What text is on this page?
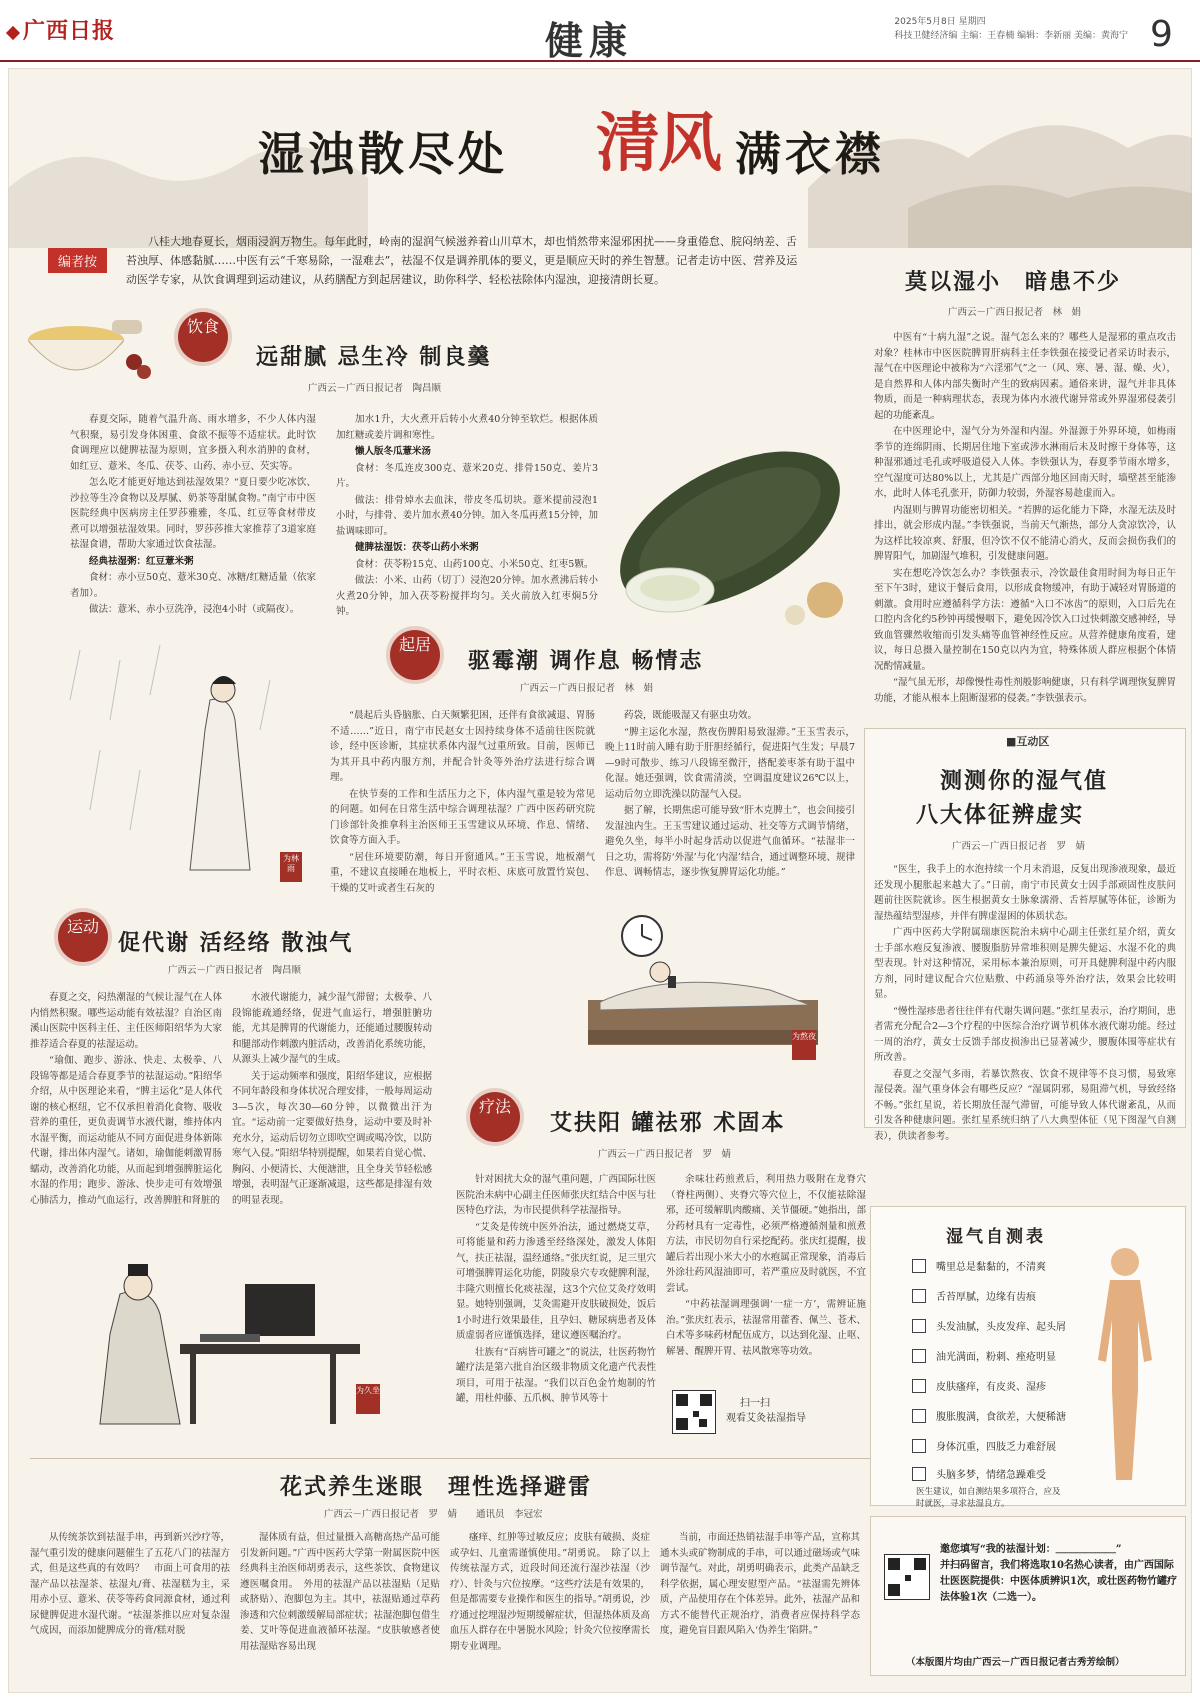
广西日报	健康	2025年5月8日 星期四
科技卫健经济编 主编：王春楠 编辑：李新丽 美编：黄海宁 9
湿浊散尽处 清风 满衣襟
编者按
八桂大地春夏长，烟雨浸润万物生。每年此时，岭南的湿润气候滋养着山川草木，却也悄然带来湿邪困扰——身重倦怠、脘闷纳差、舌苔浊厚、体感黏腻……中医有云“千寒易除，一湿难去”，祛湿不仅是调养肌体的要义，更是顺应天时的养生智慧。记者走访中医、营养及运动医学专家，从饮食调理到运动建议，从药膳配方到起居建议，助你科学、轻松祛除体内湿浊，迎接清朗长夏。
饮食
远甜腻 忌生冷 制良羹
广西云－广西日报记者　陶昌顺

春夏交际，随着气温升高、雨水增多，不少人体内湿气积聚，易引发身体困重、食欲不振等不适症状。此时饮食调理应以健脾祛湿为原则，宜多摄入利水消肿的食材，如红豆、薏米、冬瓜、茯苓、山药、赤小豆、芡实等。

怎么吃才能更好地达到祛湿效果？“夏日要少吃冰饮、沙拉等生冷食物以及厚腻、奶茶等甜腻食物。”南宁市中医医院经典中医病房主任罗莎雅雅，冬瓜、红豆等食材带皮煮可以增强祛湿效果。同时，罗莎莎推大家推荐了3道家庭祛湿食谱，帮助大家通过饮食祛湿。

经典祛湿粥：红豆薏米粥

食材：赤小豆50克、薏米30克、冰糖/红糖适量（依家者加）。

做法：薏米、赤小豆洗净，浸泡4小时（或隔夜）。

加水1升，大火煮开后转小火煮40分钟至软烂。根据体质加红糖或姜片调和寒性。

懒人版冬瓜薏米汤

食材：冬瓜连皮300克、薏米20克、排骨150克、姜片3片。

做法：排骨焯水去血沫，带皮冬瓜切块。薏米提前浸泡1小时，与排骨、姜片加水煮40分钟。加入冬瓜再煮15分钟，加盐调味即可。

健脾祛湿饭：茯苓山药小米粥

食材：茯苓粉15克、山药100克、小米50克、红枣5颗。

做法：小米、山药（切丁）浸泡20分钟。加水煮沸后转小火煮20分钟，加入茯苓粉搅拌均匀。关火前放入红枣焖5分钟。

莫以湿小　暗患不少
广西云－广西日报记者　林　娟

中医有“十病九湿”之说。湿气怎么来的？哪些人是湿邪的重点攻击对象？桂林市中医医院脾胃肝病科主任李铁强在接受记者采访时表示，湿气在中医理论中被称为“六淫邪气”之一（风、寒、暑、湿、燥、火），是自然界和人体内部失衡时产生的致病因素。通俗来讲，湿气并非具体物质，而是一种病理状态，表现为体内水液代谢异常或外界湿邪侵袭引起的功能紊乱。

在中医理论中，湿气分为外湿和内湿。外湿源于外界环境，如梅雨季节的连绵阴雨、长期居住地下室或涉水淋雨后未及时擦干身体等，这种湿邪通过毛孔或呼吸道侵入人体。李铁强认为，春夏季节雨水增多，空气湿度可达80%以上，尤其是广西部分地区回南天时，墙壁甚至能渗水，此时人体毛孔张开，防御力较弱，外湿容易趁虚而入。

内湿则与脾胃功能密切相关。“若脾的运化能力下降，水湿无法及时排出，就会形成内湿。”李铁强说，当前天气渐热，部分人贪凉饮冷，认为这样比较凉爽、舒服，但冷饮不仅不能清心消火，反而会损伤我们的脾胃阳气，加剧湿气堆积，引发健康问题。

实在想吃冷饮怎么办？李铁强表示，冷饮最佳食用时间为每日正午至下午3时，建议于餐后食用，以形成食物缓冲，有助于减轻对胃肠道的刺激。食用时应遵循科学方法：遵循“入口不冰齿”的原则，入口后先在口腔内含化约5秒钟再缓慢咽下，避免因冷饮入口过快刺激交感神经，导致血管骤然收缩而引发头痛等血管神经性反应。从营养健康角度看，建议，每日总摄入量控制在150克以内为宜，特殊体质人群应根据个体情况酌情减量。

“湿气虽无形，却像慢性毒性剂般影响健康，只有科学调理恢复脾胃功能，才能从根本上阻断湿邪的侵袭。”李铁强表示。

起居
驱霉潮 调作息 畅情志
广西云－广西日报记者　林　娟
为林雨

“晨起后头昏脑胀、白天频繁犯困，还伴有食欲减退、胃肠不适……”近日，南宁市民赵女士因持续身体不适前往医院就诊，经中医诊断，其症状系体内湿气过重所致。目前，医师已为其开具中药内服方剂，并配合针灸等外治疗法进行综合调理。

在快节奏的工作和生活压力之下，体内湿气重是较为常见的问题。如何在日常生活中综合调理祛湿？广西中医药研究院门诊部针灸推拿科主治医师王玉雪建议从环境、作息、情绪、饮食等方面入手。

“居住环境要防潮，每日开窗通风。”王玉雪说，地板潮气重，不建议直接睡在地板上，平时衣柜、床底可放置竹炭包、干燥的艾叶或者生石灰的

药袋，既能吸湿又有驱虫功效。

“脾主运化水湿，熬夜伤脾阳易致湿滞。”王玉雪表示，晚上11时前入睡有助于肝胆经循行，促进阳气生发；早晨7—9时可散步、练习八段锦至微汗，搭配姜枣茶有助于温中化湿。她还强调，饮食需清淡，空调温度建议26℃以上，运动后勿立即洗澡以防湿气入侵。

据了解，长期焦虑可能导致“肝木克脾土”，也会间接引发湿浊内生。王玉雪建议通过运动、社交等方式调节情绪，避免久坐，每半小时起身活动以促进气血循环。“祛湿非一日之功，需将防‘外湿’与化‘内湿’结合，通过调整环境、规律作息、调畅情志，逐步恢复脾胃运化功能。”

■互动区
测测你的湿气值
八大体征辨虚实
广西云－广西日报记者　罗　婧

“医生，我手上的水泡持续一个月未消退，反复出现渗液现象，最近还发现小腿胀起来越大了。”日前，南宁市民黄女士因手部顽固性皮肤问题前往医院就诊。医生根据黄女士脉象濡滑、舌苔厚腻等体征，诊断为湿热蕴结型湿疹，并伴有脾虚湿困的体质状态。

广西中医药大学附属瑞康医院治未病中心副主任张红星介绍，黄女士手部水疱反复渗液、腰腹脂肪异常堆积则是脾失健运、水湿不化的典型表现。针对这种情况，采用标本兼治原则，可开具健脾利湿中药内服方剂，同时建议配合穴位贴敷、中药涌泉等外治疗法，效果会比较明显。

“慢性湿疹患者往往伴有代谢失调问题。”张红星表示，治疗期间，患者需充分配合2—3个疗程的中医综合治疗调节机体水液代谢功能。经过一周的治疗，黄女士反馈手部皮损渗出已显著减少，腰腹体围等症状有所改善。

春夏之交湿气多雨，若暴饮熬夜、饮食不规律等不良习惯，易致寒湿侵袭。湿气重身体会有哪些反应？“湿属阴邪，易阻滞气机，导致经络不畅。”张红星说，若长期放任湿气滞留，可能导致人体代谢紊乱，从而引发各种健康问题。张红星系统归纳了八大典型体征（见下图湿气自测表），供读者参考。

运动
促代谢 活经络 散浊气
广西云－广西日报记者　陶昌顺

春夏之交，闷热潮湿的气候让湿气在人体内悄然积聚。哪些运动能有效祛湿？自治区南溪山医院中医科主任、主任医师阳绍华为大家推荐适合春夏的祛湿运动。

“瑜伽、跑步、游泳、快走、太极拳、八段锦等都是适合春夏季节的祛湿运动。”阳绍华介绍，从中医理论来看，“脾主运化”是人体代谢的核心枢纽，它不仅承担着消化食物、吸收营养的重任，更负责调节水液代谢，维持体内水湿平衡，而运动能从不同方面促进身体新陈代谢，排出体内湿气。诸如，瑜伽能刺激胃肠蠕动，改善消化功能，从而起到增强脾脏运化水湿的作用；跑步、游泳、快步走可有效增强心肺活力，推动气血运行，改善脾脏和肾脏的

水液代谢能力，减少湿气滞留；太极拳、八段锦能疏通经络，促进气血运行，增强脏腑功能，尤其是脾胃的代谢能力，还能通过腰腹转动和腿部动作刺激内脏活动，改善消化系统功能，从源头上减少湿气的生成。

关于运动频率和强度，阳绍华建议，应根据不同年龄段和身体状况合理安排，一般每周运动3—5次，每次30—60分钟，以微微出汗为宜。“运动前一定要做好热身，运动中要及时补充水分，运动后切勿立即吹空调或喝冷饮，以防寒气入侵。”阳绍华特别提醒，如果若自觉心慌、胸闷、小便清长、大便溏泄，且全身关节轻松感增强，表明湿气正逐渐减退，这些都是排湿有效的明显表现。

为熬夜
疗法
艾扶阳 罐祛邪 术固本
广西云－广西日报记者　罗　婧

针对困扰大众的湿气重问题，广西国际壮医医院治未病中心副主任医师张庆红结合中医与壮医特色疗法，为市民提供科学祛湿指导。

“艾灸是传统中医外治法，通过燃烧艾草，可将能量和药力渗透至经络深处，激发人体阳气，扶正祛湿，温经通络。”张庆红说，足三里穴可增强脾胃运化功能，阴陵泉穴专攻健脾利湿，丰隆穴则擅长化痰祛湿，这3个穴位艾灸疗效明显。她特别强调，艾灸需避开皮肤破损处，饭后1小时进行效果最佳，且孕妇、糖尿病患者及体质虚弱者应谨慎选择，建议遵医嘱治疗。

壮族有“百病皆可罐之”的说法，壮医药物竹罐疗法是第六批自治区级非物质文化遗产代表性项目，可用于祛湿。“我们以百色金竹炮制的竹罐，用杜仲藤、五爪枫、肿节风等十

余味壮药煎煮后，利用热力吸附在龙脊穴（脊柱两侧）、夹脊穴等穴位上，不仅能祛除湿邪，还可缓解肌肉酸痛、关节僵硬。”她指出，部分药材具有一定毒性，必须严格遵循剂量和煎煮方法，市民切勿自行采挖配药。张庆红提醒，拔罐后若出现小米大小的水疱属正常现象，消毒后外涂壮药风湿油即可，若严重应及时就医，不宜尝试。

“中药祛湿调理强调‘一症一方’，需辨证施治。”张庆红表示，祛湿常用藿香、佩兰、苍术、白术等多味药材配伍成方，以达到化湿、止呕、解暑、醒脾开胃、祛风散寒等功效。

扫一扫
观看艾灸祛湿指导
为久坐
湿气自测表
嘴里总是黏黏的，不清爽
舌苔厚腻，边缘有齿痕
头发油腻，头皮发痒、起头屑
油光满面，粉刺、痤疮明显
皮肤瘙痒，有皮炎、湿疹
腹胀腹满，食欲差，大便稀溏
身体沉重，四肢乏力难舒展
头脑多梦，情绪急躁难受
医生建议，如自测结果多项符合，应及时就医，寻求祛湿良方。
花式养生迷眼　理性选择避雷
广西云－广西日报记者　罗　婧　　通讯员　李冠宏
从传统茶饮到祛湿手串，再到新兴沙疗等，湿气重引发的健康问题催生了五花八门的祛湿方式，但是这些真的有效吗？　市面上可食用的祛湿产品以祛湿茶、祛湿丸/膏、祛湿糕为主，采用赤小豆、薏米、茯苓等药食同源食材，通过利尿健脾促进水湿代谢。“祛湿茶推以应对复杂湿气成因，而添加健脾成分的膏/糕对脱
湿体质有益，但过量摄入高糖高热产品可能引发新问题。”广西中医药大学第一附属医院中医经典科主治医师胡勇表示，这些茶饮、食物建议遵医嘱食用。　外用的祛湿产品以祛湿贴（足贴或脐贴）、泡脚包为主。其中，祛湿贴通过草药渗透和穴位刺激缓解局部症状；祛湿泡脚包借生姜、艾叶等促进血液循环祛湿。“皮肤敏感者使用祛湿贴容易出现
瘙痒、红肿等过敏反应；皮肤有破损、炎症或孕妇、儿童需谨慎使用。”胡勇说。　除了以上传统祛湿方式，近段时间还流行湿沙祛湿（沙疗）、针灸与穴位按摩。“这些疗法是有效果的，但是都需要专业操作和医生的指导。”胡勇说，沙疗通过挖埋湿沙短期缓解症状，但湿热体质及高血压人群存在中暑脱水风险；针灸穴位按摩需长期专业调理。
当前，市面还热销祛湿手串等产品，宣称其通木头或矿物制成的手串，可以通过磁场或气味调节湿气。对此，胡勇明确表示，此类产品缺乏科学依据，属心理安慰型产品。“祛湿需先辨体质，产品使用存在个体差异。此外，祛湿产品和方式不能替代正规治疗，消费者应保持科学态度，避免盲目跟风陷入‘伪养生’陷阱。”
邀您填写“我的祛湿计划：＿＿＿＿＿＿”
并扫码留言，我们将选取10名热心读者，由广西国际壮医医院提供：中医体质辨识1次，或壮医药物竹罐疗法体验1次（二选一）。
（本版图片均由广西云－广西日报记者古秀芳绘制）
